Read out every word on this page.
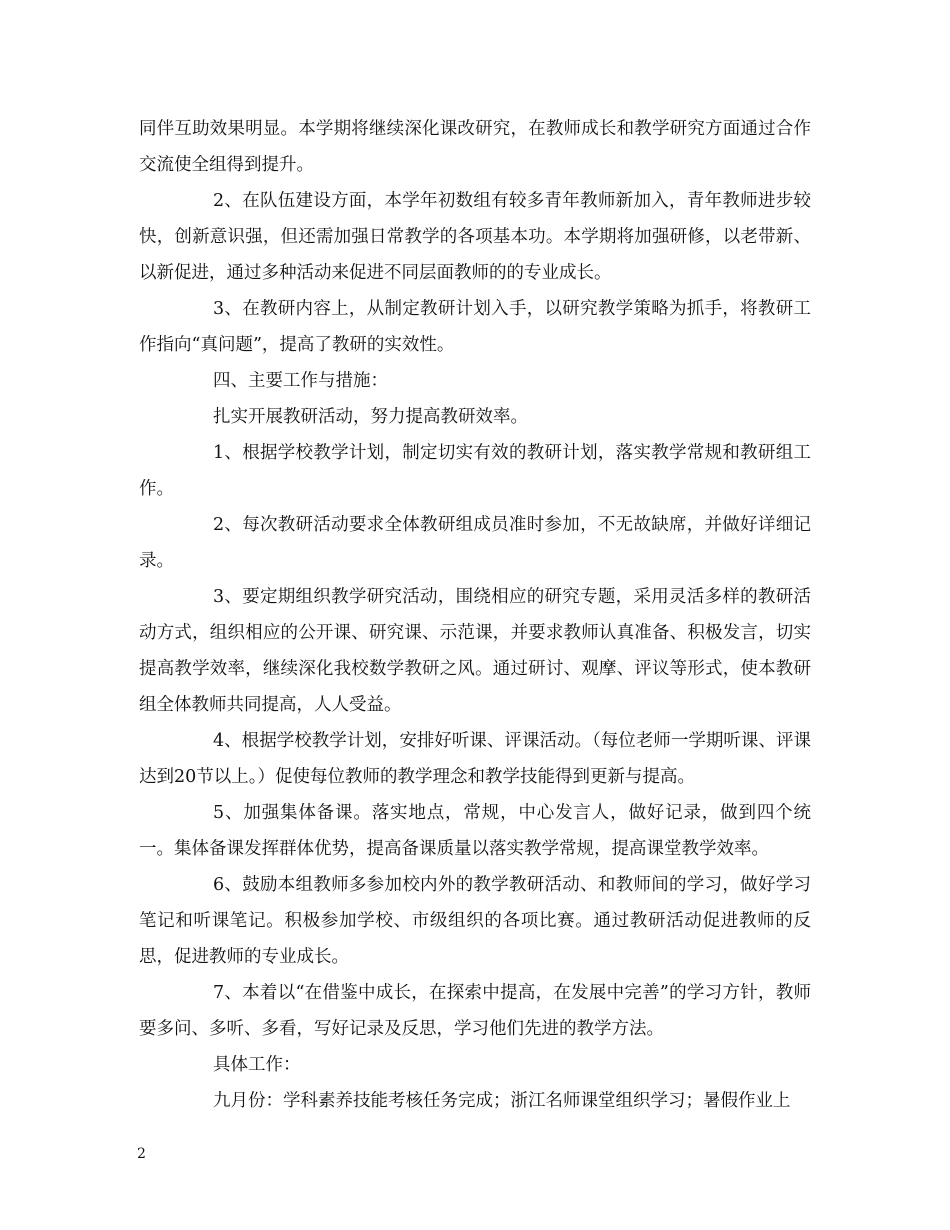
同伴互助效果明显。本学期将继续深化课改研究，在教师成长和教学研究方面通过合作交流使全组得到提升。

2、在队伍建设方面，本学年初数组有较多青年教师新加入，青年教师进步较快，创新意识强，但还需加强日常教学的各项基本功。本学期将加强研修，以老带新、以新促进，通过多种活动来促进不同层面教师的的专业成长。

3、在教研内容上，从制定教研计划入手，以研究教学策略为抓手，将教研工作指向“真问题”，提高了教研的实效性。

四、主要工作与措施：

扎实开展教研活动，努力提高教研效率。

1、根据学校教学计划，制定切实有效的教研计划，落实教学常规和教研组工作。

2、每次教研活动要求全体教研组成员准时参加，不无故缺席，并做好详细记录。

3、要定期组织教学研究活动，围绕相应的研究专题，采用灵活多样的教研活动方式，组织相应的公开课、研究课、示范课，并要求教师认真准备、积极发言，切实提高教学效率，继续深化我校数学教研之风。通过研讨、观摩、评议等形式，使本教研组全体教师共同提高，人人受益。

4、根据学校教学计划，安排好听课、评课活动。（每位老师一学期听课、评课达到20节以上。）促使每位教师的教学理念和教学技能得到更新与提高。

5、加强集体备课。落实地点，常规，中心发言人，做好记录，做到四个统一。集体备课发挥群体优势，提高备课质量以落实教学常规，提高课堂教学效率。

6、鼓励本组教师多参加校内外的教学教研活动、和教师间的学习，做好学习笔记和听课笔记。积极参加学校、市级组织的各项比赛。通过教研活动促进教师的反思，促进教师的专业成长。

7、本着以“在借鉴中成长，在探索中提高，在发展中完善”的学习方针，教师要多问、多听、多看，写好记录及反思，学习他们先进的教学方法。

具体工作：

九月份：学科素养技能考核任务完成；浙江名师课堂组织学习；暑假作业上

2
